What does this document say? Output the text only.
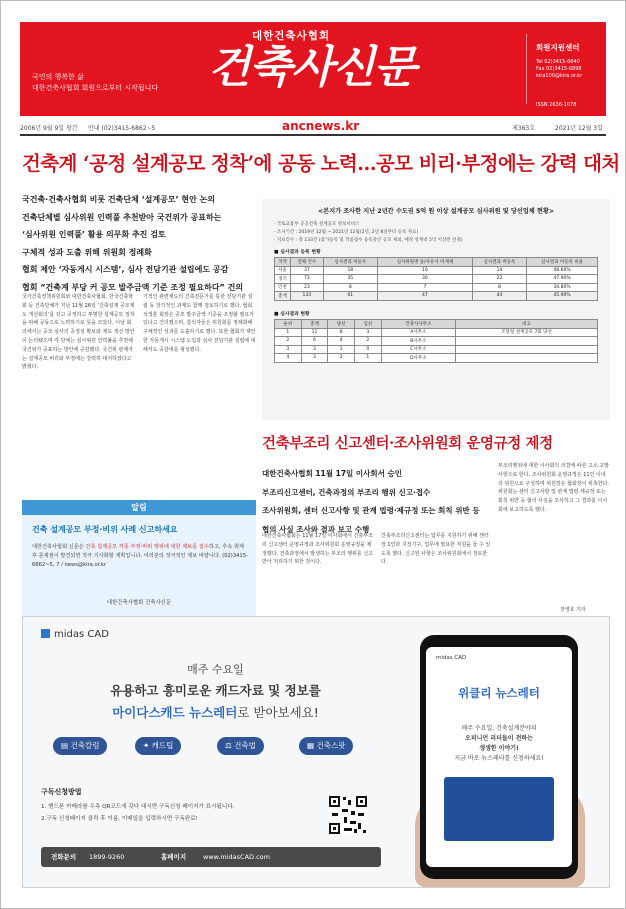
대한건축사협회
건축사신문
국민의 행복한 삶
대한건축사협회 회원으로부터 시작됩니다
회원지원센터
Tel 02)3415-6840
Fax 02)3415-6898
kira100@kira.or.kr
ISSN 2636-1078
2006년 9월 9일 창간 안내 (02)3415-6862~5	ancnews.kr	제363호	2021년 12월 3일
건축계 ‘공정 설계공모 정착’에 공동 노력…공모 비리·부정에는 강력 대처

국건축·건축사협회 비롯 건축단체 ‘설계공모’ 현안 논의

건축단체별 심사위원 인력풀 추천받아 국건위가 공표하는

‘심사위원 인력풀’ 활용 의무화 추진 검토

구체적 성과 도출 위해 위원회 정례화

협회 제안 ‘자동게시 시스템’, 심사 전담기관 설립에도 공감

협회 “건축계 부당 커 공모 발주금액 기준 조정 필요하다” 건의

국가건축정책위원회와 대한건축사협회, 한국건축학회 등 건축단체가 지난 11월 26일 ‘건축설계 공모제도 개선회의’를 갖고 공정하고 투명한 설계공모 정착을 위해 공동으로 노력하기로 뜻을 모았다. 이날 회의에서는 공모 심사의 공정성 확보와 제도 개선 방안이 논의됐으며 각 단체는 심사위원 인력풀을 추천해 국건위가 공표하는 방안에 공감했다. 국건위 관계자는 설계공모 비리와 부정에는 강력히 대처하겠다고 밝혔다.
기적인 관련제도의 건축전문가를 통한 전담기관 설립 등 장기적인 과제도 함께 검토하기로 했다. 협회 석정훈 회장은 공모 발주금액 기준을 조정할 필요가 있다고 건의했으며, 참석자들은 위원회를 정례화해 구체적인 성과를 도출하기로 했다. 또한 협회가 제안한 자동게시 시스템 도입과 심사 전담기관 설립에 대해서도 공감대를 형성했다.
<본지가 조사한 지난 2년간 수도권 5억 원 이상 설계공모 심사위원 및 당선업체 현황>
· 국토교통부 공공건축 설계공모 정보서비스
· 조사기간 : 2019년 12월 ~ 2021년 12월(2년, 2년 8일부터 등록 자료)
· 지표건수 : 총 133건 (참가등록 및 작품접수 등록중인 공모 제외, 예정 설계비 5억 이상만 선정)
■ 심사결과 등록 현황
지역	전체 건수	심사결과 미등록	심사위원명 등/사유서 미게재	심사결과 미등록	심사결과 미등록 비율
서울	37	18	10	14	48.60%
경기	73	35	30	22	47.90%
인천	23	8	7	8	34.80%
총계	133	61	47	44	45.90%
■ 심사결과 현황
순위	총계	당선	입선	건축사사무소	비고
1	11	8	3	A사무소	조달청 설계공모 7회 당선
2	6	4	2	B사무소	
3	3	3	0	C사무소	
4	3	2	1	D사무소	
건축부조리 신고센터·조사위원회 운영규정 제정

대한건축사협회 11월 17일 이사회서 승인

부조리신고센터, 건축과정의 부조리 행위 신고·접수

조사위원회, 센터 신고사항 및 관계 법령·제규정 또는 회칙 위반 등

협의 사실 조사와 결과 보고 수행

대한건축사협회는 11월 17일 이사회에서 건축부조리 신고센터 운영규정과 조사위원회 운영규정을 제정했다. 건축과정에서 발생하는 부조리 행위를 신고받아 처리하기 위한 것이다.
건축부조리신고센터는 업무를 지원하기 위해 센터장 1인과 지정기구, 업무에 필요한 직원을 둘 수 있도록 했다. 신고된 사항은 조사위원회에서 검토한다.
부조리행위에 대한 이사회의 의결에 따른 고소·고발 사항으로 한다. 조사위원회 운영규정은 11인 이내의 위원으로 구성하며 위원장은 협회장이 위촉한다. 위원회는 센터 신고사항 및 관계 법령·제규정 또는 회칙 위반 등 협의 사실을 조사하고 그 결과를 이사회에 보고하도록 했다.
장영호 기자
알림
건축 설계공모 부정·비위 사례 신고하세요
대한건축사협회 신문은 건축 설계공모 각종 부정·비위 행위에 대한 제보를 접수하고, 추속 취재 후 문제점이 발견되면 적극 기사화할 계획입니다. 여러분의 적극적인 제보 바랍니다. (02)3415-6862~5, 7 / news@kira.or.kr
대한건축사협회 건축사신문
midas CAD
매주 수요일
유용하고 흥미로운 캐드자료 및 정보를
마이다스캐드 뉴스레터로 받아보세요!
▤ 건축칼럼	✦ 캐드팁	⚖ 건축법	▦ 건축스팟
구독신청방법
1. 핸드폰 카메라를 우측 QR코드에 갖다 대시면 구독신청 페이지가 표시됩니다.
2.구독 신청페이지 클릭 후 이름, 이메일을 입력하시면 구독완료!
전화문의 1899-9260	홈페이지	www.midasCAD.com
midas CAD
위클리 뉴스레터
매주 수요일, 건축설계분야의
오피니언 리더들이 전하는
생생한 이야기!
지금 바로 뉴스레터를 신청하세요!
